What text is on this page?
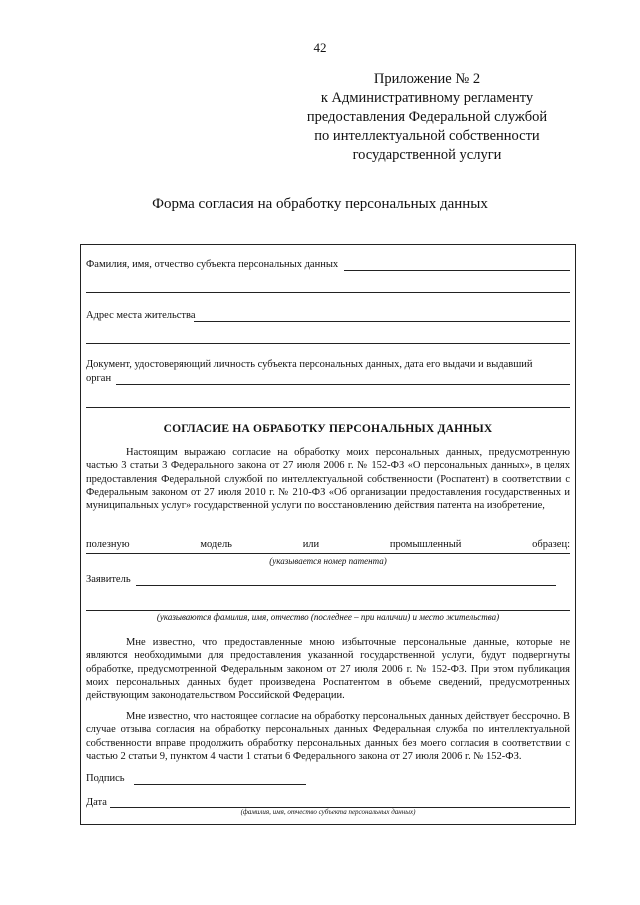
42
Приложение № 2
к Административному регламенту
предоставления Федеральной службой
по интеллектуальной собственности
государственной услуги
Форма согласия на обработку персональных данных
Фамилия, имя, отчество субъекта персональных данных
Адрес места жительства
Документ, удостоверяющий личность субъекта персональных данных, дата его выдачи и выдавший
орган
СОГЛАСИЕ НА ОБРАБОТКУ ПЕРСОНАЛЬНЫХ ДАННЫХ
Настоящим выражаю согласие на обработку моих персональных данных, предусмотренную частью 3 статьи 3 Федерального закона от 27 июля 2006 г. № 152-ФЗ «О персональных данных», в целях предоставления Федеральной службой по интеллектуальной собственности (Роспатент) в соответствии с Федеральным законом от 27 июля 2010 г. № 210-ФЗ «Об организации предоставления государственных и муниципальных услуг» государственной услуги по восстановлению действия патента на изобретение,
полезную	модель	или	промышленный	образец:
(указывается номер патента)
Заявитель
(указываются фамилия, имя, отчество (последнее – при наличии) и место жительства)
Мне известно, что предоставленные мною избыточные персональные данные, которые не являются необходимыми для предоставления указанной государственной услуги, будут подвергнуты обработке, предусмотренной Федеральным законом от 27 июля 2006 г. № 152-ФЗ. При этом публикация моих персональных данных будет произведена Роспатентом в объеме сведений, предусмотренных действующим законодательством Российской Федерации.
Мне известно, что настоящее согласие на обработку персональных данных действует бессрочно. В случае отзыва согласия на обработку персональных данных Федеральная служба по интеллектуальной собственности вправе продолжить обработку персональных данных без моего согласия в соответствии с частью 2 статьи 9, пунктом 4 части 1 статьи 6 Федерального закона от 27 июля 2006 г. № 152-ФЗ.
Подпись
Дата
(фамилия, имя, отчество субъекта персональных данных)
